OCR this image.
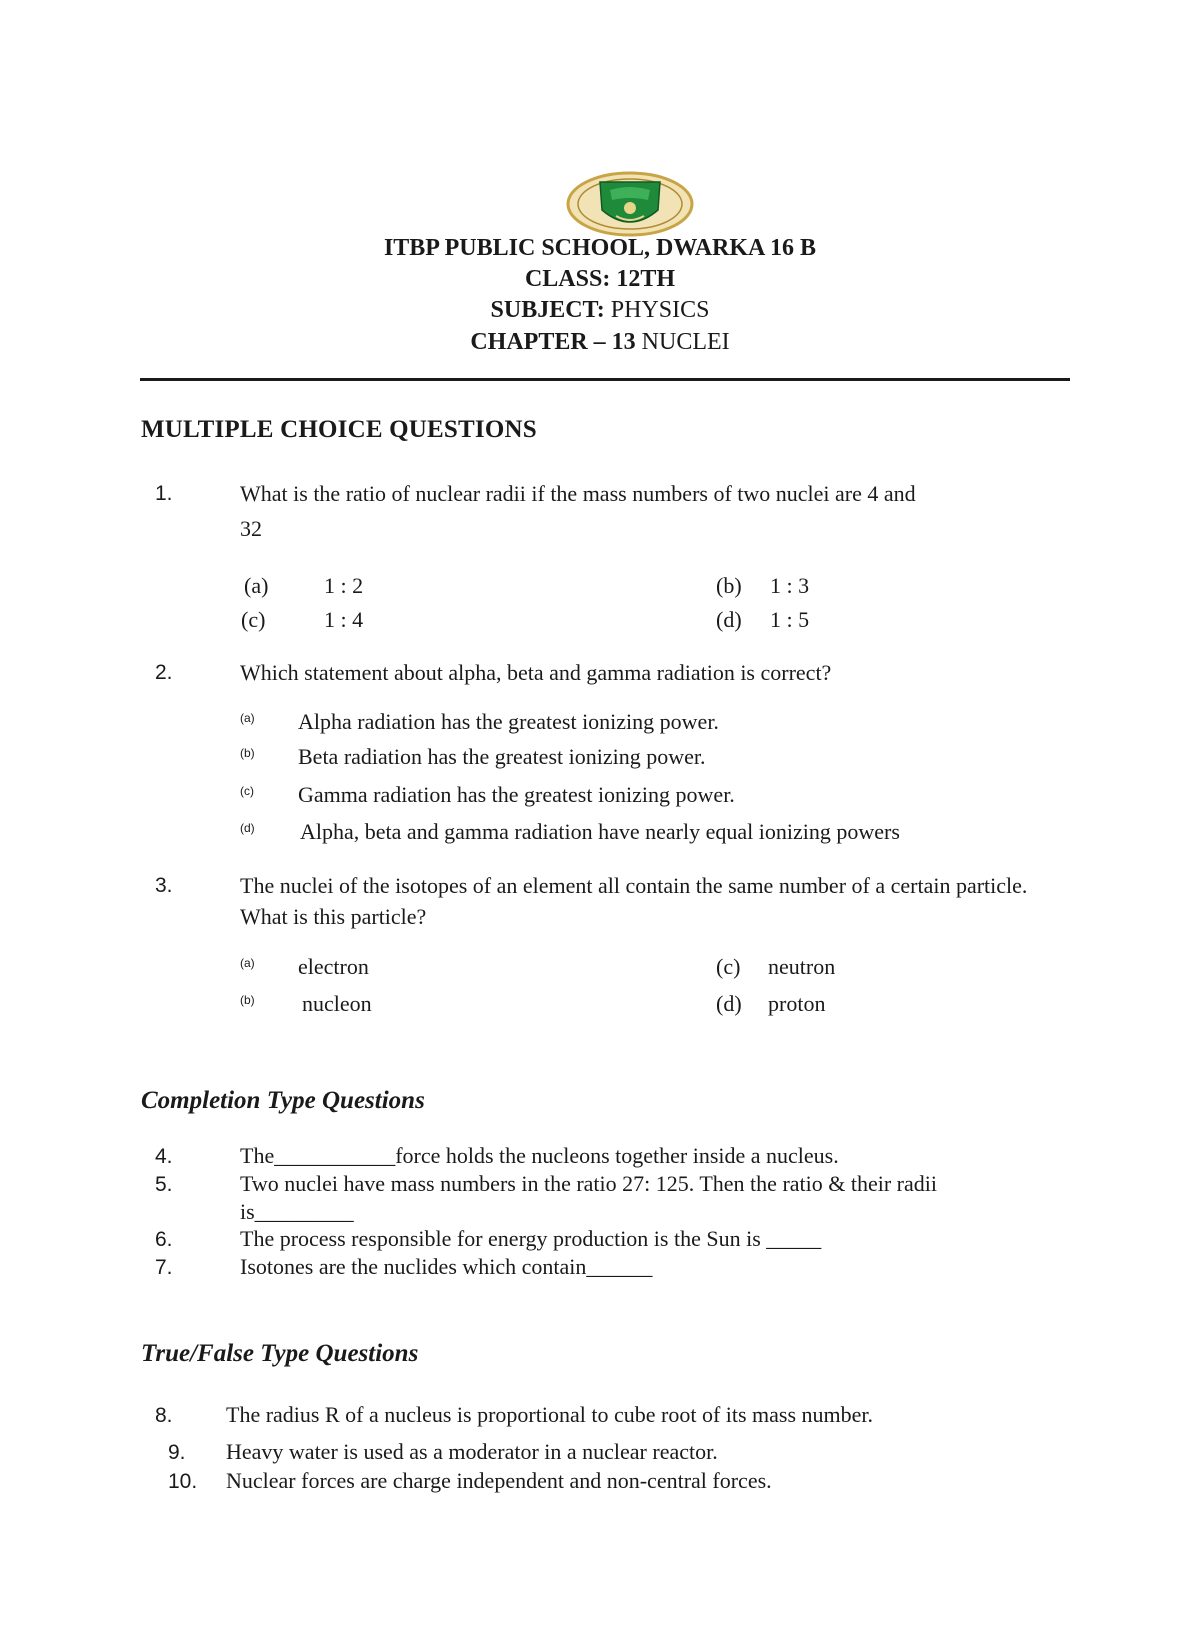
ITBP PUBLIC SCHOOL, DWARKA 16 B
CLASS: 12TH
SUBJECT: PHYSICS
CHAPTER – 13 NUCLEI
MULTIPLE CHOICE QUESTIONS
1.	What is the ratio of nuclear radii if the mass numbers of two nuclei are 4 and
32
(a)	1 : 2	(b) 1 : 3
(c)	1 : 4	(d) 1 : 5
2.	Which statement about alpha, beta and gamma radiation is correct?
(a) Alpha radiation has the greatest ionizing power.
(b) Beta radiation has the greatest ionizing power.
(c) Gamma radiation has the greatest ionizing power.
(d) Alpha, beta and gamma radiation have nearly equal ionizing powers
3.	The nuclei of the isotopes of an element all contain the same number of a certain particle.
What is this particle?
(a) electron	(c) neutron
(b) nucleon	(d) proton
Completion Type Questions
4.	The___________force holds the nucleons together inside a nucleus.
5.	Two nuclei have mass numbers in the ratio 27: 125. Then the ratio & their radii
is_________
6.	The process responsible for energy production is the Sun is _____
7.	Isotones are the nuclides which contain______
True/False Type Questions
8. The radius R of a nucleus is proportional to cube root of its mass number.
9. Heavy water is used as a moderator in a nuclear reactor.
10. Nuclear forces are charge independent and non-central forces.
